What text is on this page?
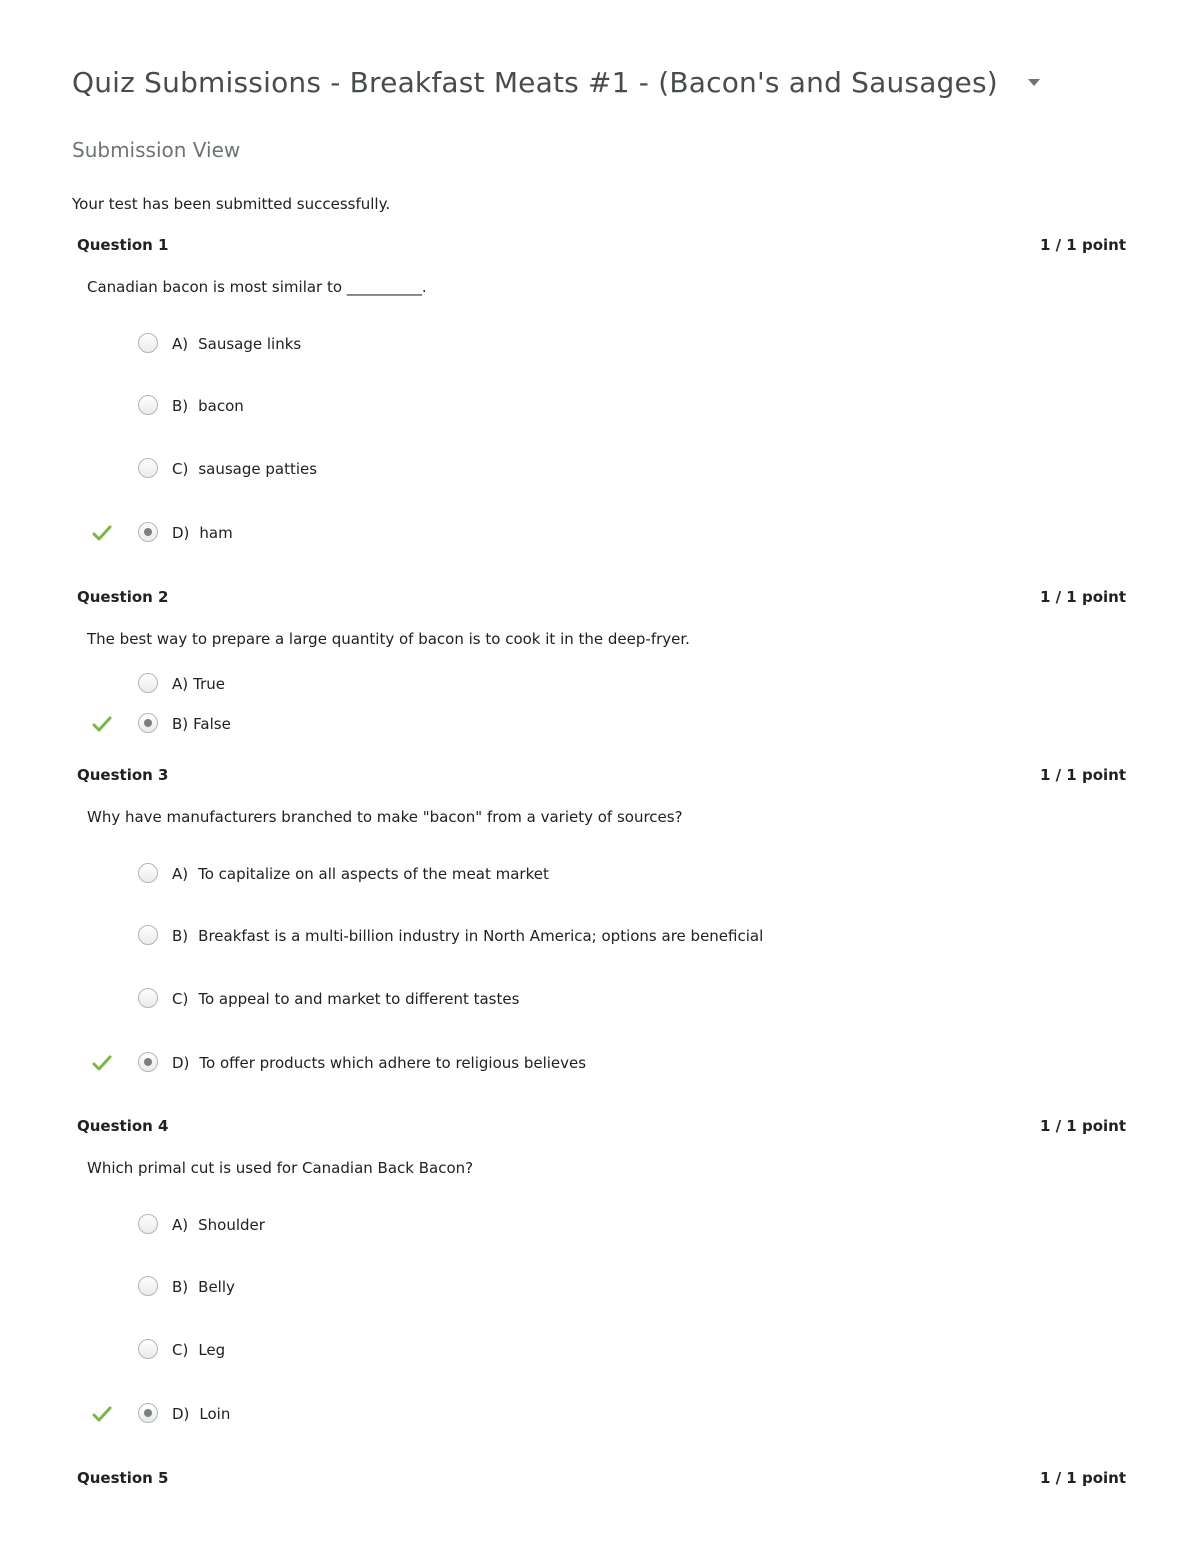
Quiz Submissions - Breakfast Meats #1 - (Bacon's and Sausages)
Submission View
Your test has been submitted successfully.
Question 1	1 / 1 point
Canadian bacon is most similar to __________.
A) Sausage links
B) bacon
C) sausage patties
D) ham
Question 2	1 / 1 point
The best way to prepare a large quantity of bacon is to cook it in the deep-fryer.
A) True
B) False
Question 3	1 / 1 point
Why have manufacturers branched to make "bacon" from a variety of sources?
A) To capitalize on all aspects of the meat market
B) Breakfast is a multi-billion industry in North America; options are beneficial
C) To appeal to and market to different tastes
D) To offer products which adhere to religious believes
Question 4	1 / 1 point
Which primal cut is used for Canadian Back Bacon?
A) Shoulder
B) Belly
C) Leg
D) Loin
Question 5	1 / 1 point
